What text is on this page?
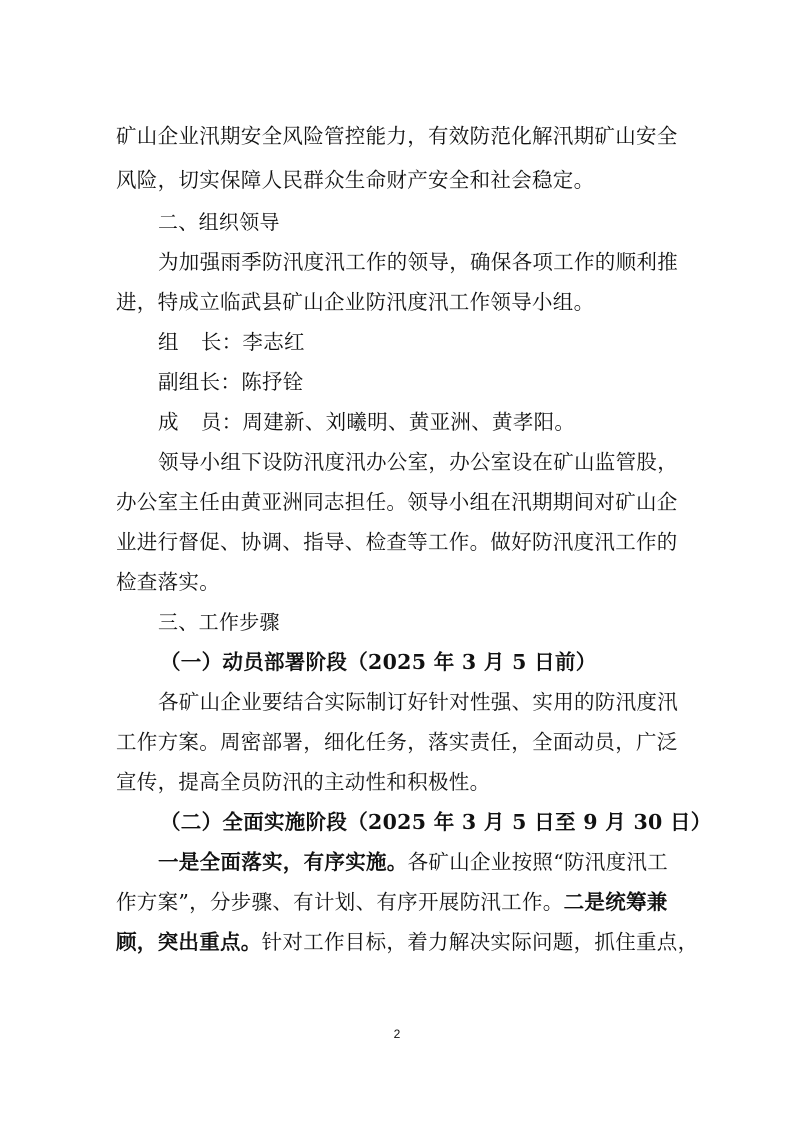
矿山企业汛期安全风险管控能力，有效防范化解汛期矿山安全
风险，切实保障人民群众生命财产安全和社会稳定。
二、组织领导
为加强雨季防汛度汛工作的领导，确保各项工作的顺利推
进，特成立临武县矿山企业防汛度汛工作领导小组。
组 长：李志红
副组长：陈抒铨
成 员：周建新、刘曦明、黄亚洲、黄孝阳。
领导小组下设防汛度汛办公室，办公室设在矿山监管股，
办公室主任由黄亚洲同志担任。领导小组在汛期期间对矿山企
业进行督促、协调、指导、检查等工作。做好防汛度汛工作的
检查落实。
三、工作步骤
（一）动员部署阶段（2025 年 3 月 5 日前）
各矿山企业要结合实际制订好针对性强、实用的防汛度汛
工作方案。周密部署，细化任务，落实责任，全面动员，广泛
宣传，提高全员防汛的主动性和积极性。
（二）全面实施阶段（2025 年 3 月 5 日至 9 月 30 日）
一是全面落实，有序实施。各矿山企业按照“防汛度汛工
作方案”，分步骤、有计划、有序开展防汛工作。二是统筹兼
顾，突出重点。针对工作目标，着力解决实际问题，抓住重点，
2
